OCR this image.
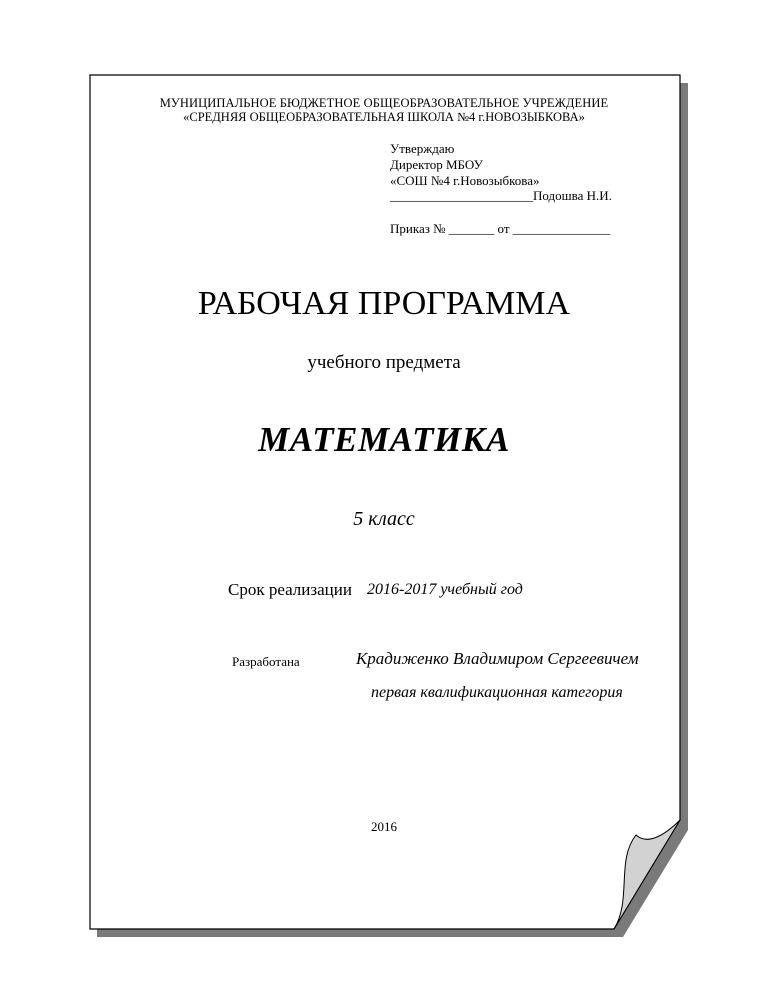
МУНИЦИПАЛЬНОЕ БЮДЖЕТНОЕ ОБЩЕОБРАЗОВАТЕЛЬНОЕ УЧРЕЖДЕНИЕ
«СРЕДНЯЯ ОБЩЕОБРАЗОВАТЕЛЬНАЯ ШКОЛА №4 г.НОВОЗЫБКОВА»
Утверждаю
Директор МБОУ
«СОШ №4 г.Новозыбкова»
______________________Подошва Н.И.
Приказ № _______ от _______________
РАБОЧАЯ ПРОГРАММА
учебного предмета
МАТЕМАТИКА
5 класс
Срок реализации 2016-2017 учебный год
Разработана	Крадиженко Владимиром Сергеевичем
первая квалификационная категория
2016
